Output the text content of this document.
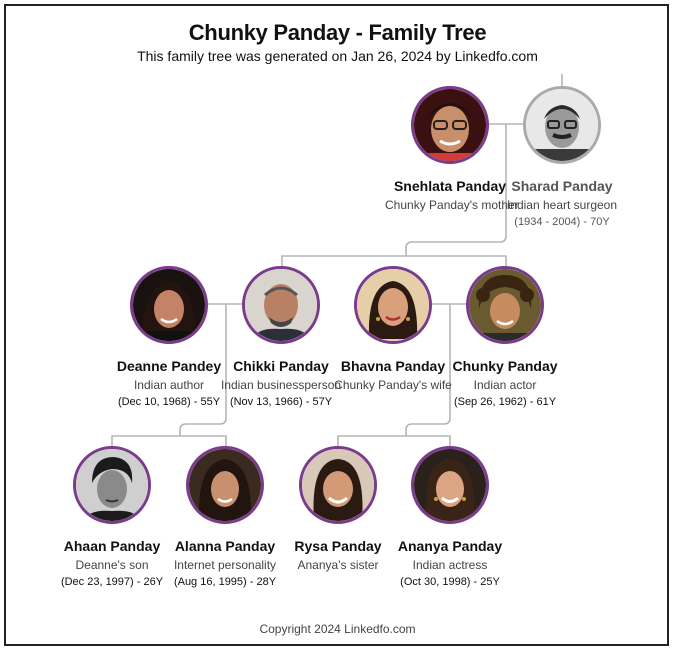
Chunky Panday - Family Tree
This family tree was generated on Jan 26, 2024 by Linkedfo.com
Snehlata Panday
Chunky Panday's mother
Sharad Panday
Indian heart surgeon
(1934 - 2004) - 70Y
Deanne Pandey
Indian author
(Dec 10, 1968) - 55Y
Chikki Panday
Indian businessperson
(Nov 13, 1966) - 57Y
Bhavna Panday
Chunky Panday's wife
Chunky Panday
Indian actor
(Sep 26, 1962) - 61Y
Ahaan Panday
Deanne's son
(Dec 23, 1997) - 26Y
Alanna Panday
Internet personality
(Aug 16, 1995) - 28Y
Rysa Panday
Ananya's sister
Ananya Panday
Indian actress
(Oct 30, 1998) - 25Y
Copyright 2024 Linkedfo.com
